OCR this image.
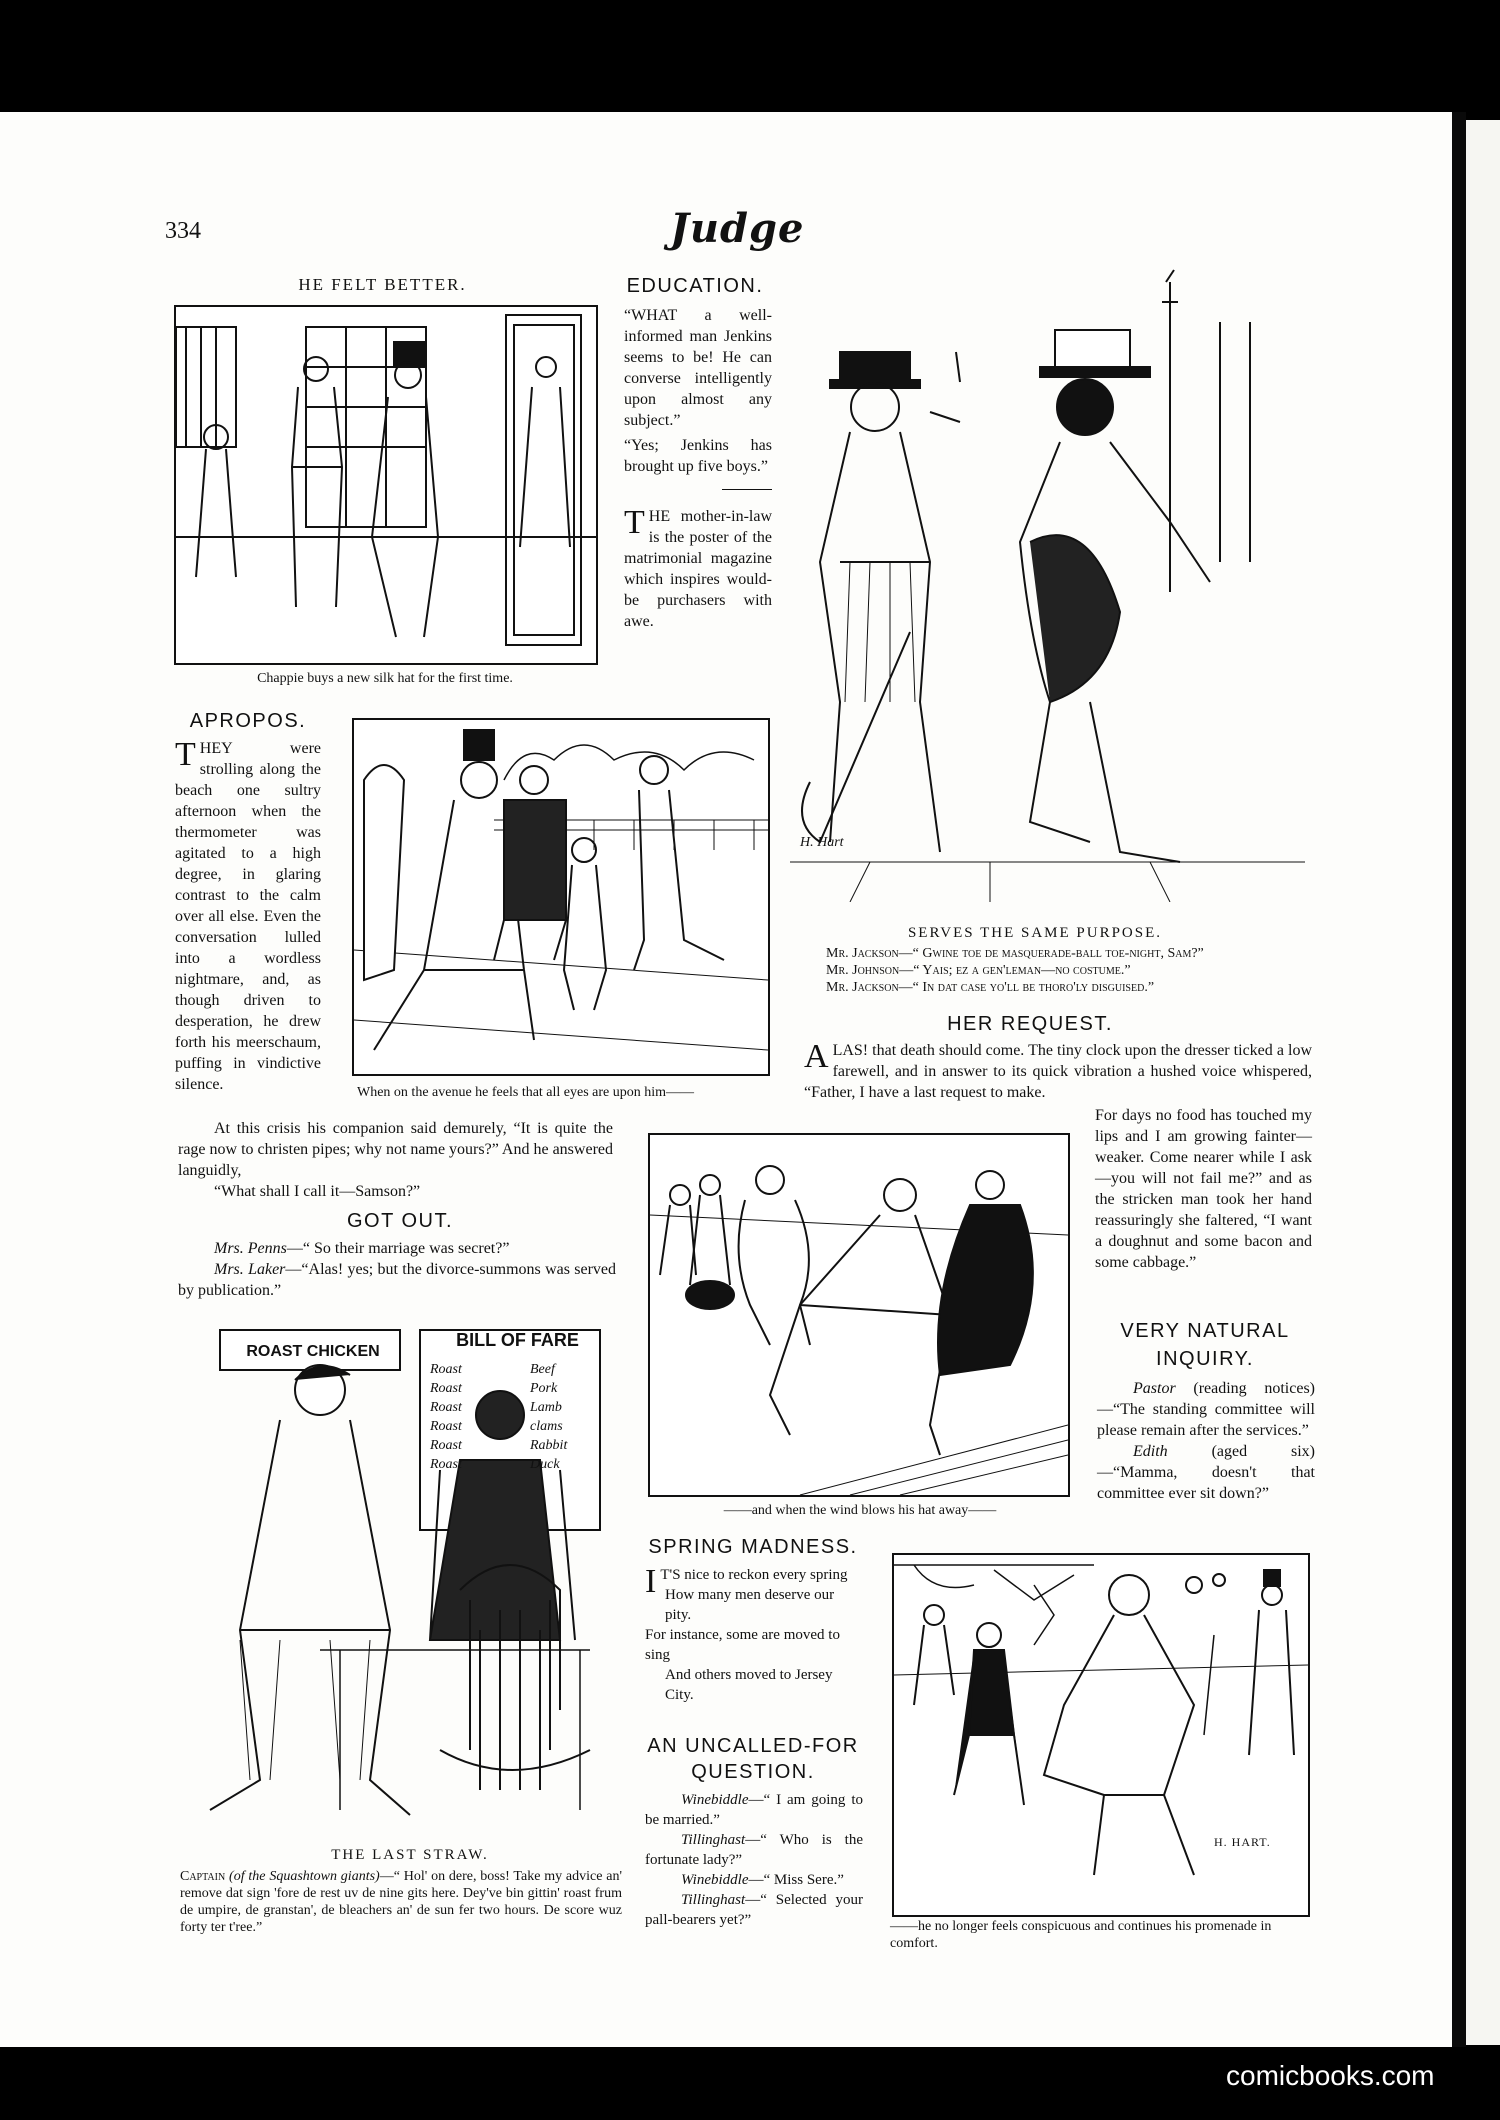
334	Judge
HE FELT BETTER.
Chappie buys a new silk hat for the first time.
EDUCATION.

“WHAT a well-informed man Jenkins seems to be! He can converse intelligently upon almost any subject.”

“Yes; Jenkins has brought up five boys.”

THE mother-in-law is the poster of the matrimonial magazine which inspires would-be purchasers with awe.

H. Hart
SERVES THE SAME PURPOSE.
Mr. Jackson—“ Gwine toe de masquerade-ball toe-night, Sam?”
Mr. Johnson—“ Yais; ez a gen'leman—no costume.”
Mr. Jackson—“ In dat case yo'll be thoro'ly disguised.”
HER REQUEST.
ALAS! that death should come. The tiny clock upon the dresser ticked a low farewell, and in answer to its quick vibration a hushed voice whispered, “Father, I have a last request to make.
For days no food has touched my lips and I am growing fainter—weaker. Come nearer while I ask—you will not fail me?” and as the stricken man took her hand reassuringly she faltered, “I want a doughnut and some bacon and some cabbage.”
APROPOS.
THEY were strolling along the beach one sultry afternoon when the thermometer was agitated to a high degree, in glaring contrast to the calm over all else. Even the conversation lulled into a wordless nightmare, and, as though driven to desperation, he drew forth his meerschaum, puffing in vindictive silence.	When on the avenue he feels that all eyes are upon him——

At this crisis his companion said demurely, “It is quite the rage now to christen pipes; why not name yours?” And he answered languidly,

“What shall I call it—Samson?”

GOT OUT.

Mrs. Penns—“ So their marriage was secret?”

Mrs. Laker—“Alas! yes; but the divorce-summons was served by publication.”

ROAST CHICKEN
BILL OF FARE
Roast
Roast
Roast
Roast
Roast
Roast
Beef
Pork
Lamb
clams
Rabbit
Duck
THE LAST STRAW.
Captain (of the Squashtown giants)—“ Hol' on dere, boss! Take my advice an' remove dat sign 'fore de rest uv de nine gits here. Dey've bin gittin' roast frum de umpire, de granstan', de bleachers an' de sun fer two hours. De score wuz forty ter t'ree.”
——and when the wind blows his hat away——
VERY NATURAL
INQUIRY.

Pastor (reading notices)—“The standing committee will please remain after the services.”

Edith (aged six)—“Mamma, doesn't that committee ever sit down?”

SPRING MADNESS.
I T'S nice to reckon every spring
How many men deserve our pity.
For instance, some are moved to sing
And others moved to Jersey City.
AN UNCALLED-FOR
QUESTION.

Winebiddle—“ I am going to be married.”

Tillinghast—“ Who is the fortunate lady?”

Winebiddle—“ Miss Sere.”

Tillinghast—“ Selected your pall-bearers yet?”

H. HART.
——he no longer feels conspicuous and continues his promenade in comfort.
comicbooks.com
